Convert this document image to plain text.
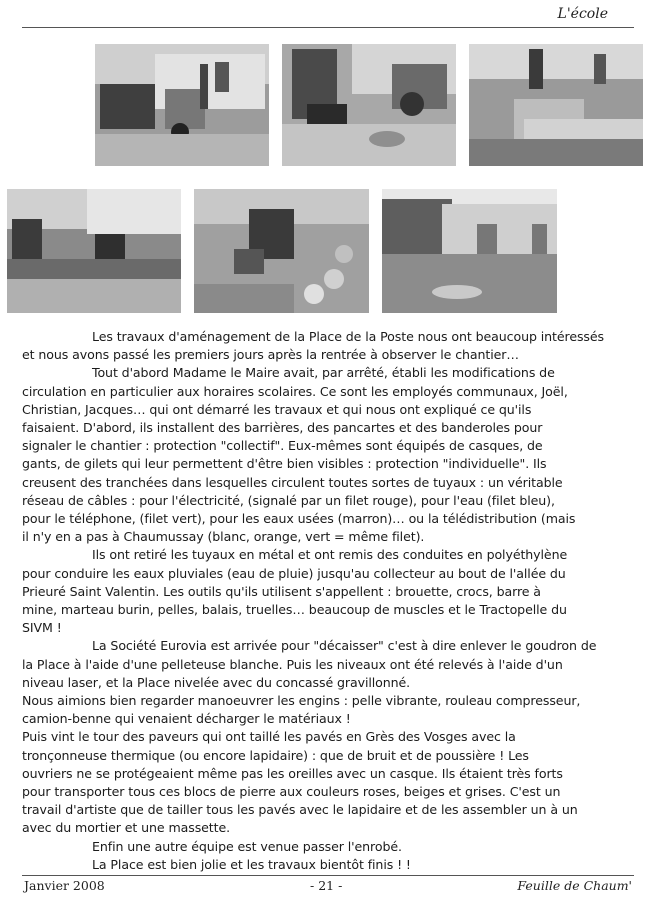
L'école

Les travaux d'aménagement de la Place de la Poste nous ont beaucoup intéressés

et nous avons passé les premiers jours après la rentrée à observer le chantier…

Tout d'abord Madame le Maire avait, par arrêté, établi les modifications de

circulation en particulier aux horaires scolaires. Ce sont les employés communaux, Joël,

Christian, Jacques… qui ont démarré les travaux et qui nous ont expliqué ce qu'ils

faisaient. D'abord, ils installent des barrières, des pancartes et des banderoles pour

signaler le chantier : protection "collectif". Eux-mêmes sont équipés de casques, de

gants, de gilets qui leur permettent d'être bien visibles : protection "individuelle". Ils

creusent des tranchées dans lesquelles circulent toutes sortes de tuyaux : un véritable

réseau de câbles : pour l'électricité, (signalé par un filet rouge), pour l'eau (filet bleu),

pour le téléphone, (filet vert), pour les eaux usées (marron)… ou la télédistribution (mais

il n'y en a pas à Chaumussay (blanc, orange, vert = même filet).

Ils ont retiré les tuyaux en métal et ont remis des conduites en polyéthylène

pour conduire les eaux pluviales (eau de pluie) jusqu'au collecteur au bout de l'allée du

Prieuré Saint Valentin. Les outils qu'ils utilisent s'appellent : brouette, crocs, barre à

mine, marteau burin, pelles, balais, truelles… beaucoup de muscles et le Tractopelle du

SIVM !

La Société Eurovia est arrivée pour "décaisser" c'est à dire enlever le goudron de

la Place à l'aide d'une pelleteuse blanche. Puis les niveaux ont été relevés à l'aide d'un

niveau laser, et la Place nivelée avec du concassé gravillonné.

Nous aimions bien regarder manoeuvrer les engins : pelle vibrante, rouleau compresseur,

camion-benne qui venaient décharger le matériaux !

Puis vint le tour des paveurs qui ont taillé les pavés en Grès des Vosges avec la

tronçonneuse thermique (ou encore lapidaire) : que de bruit et de poussière ! Les

ouvriers ne se protégeaient même pas les oreilles avec un casque. Ils étaient très forts

pour transporter tous ces blocs de pierre aux couleurs roses, beiges et grises. C'est un

travail d'artiste que de tailler tous les pavés avec le lapidaire et de les assembler un à un

avec du mortier et une massette.

Enfin une autre équipe est venue passer l'enrobé.

La Place est bien jolie et les travaux bientôt finis ! !

Janvier 2008	- 21 -	Feuille de Chaum'
